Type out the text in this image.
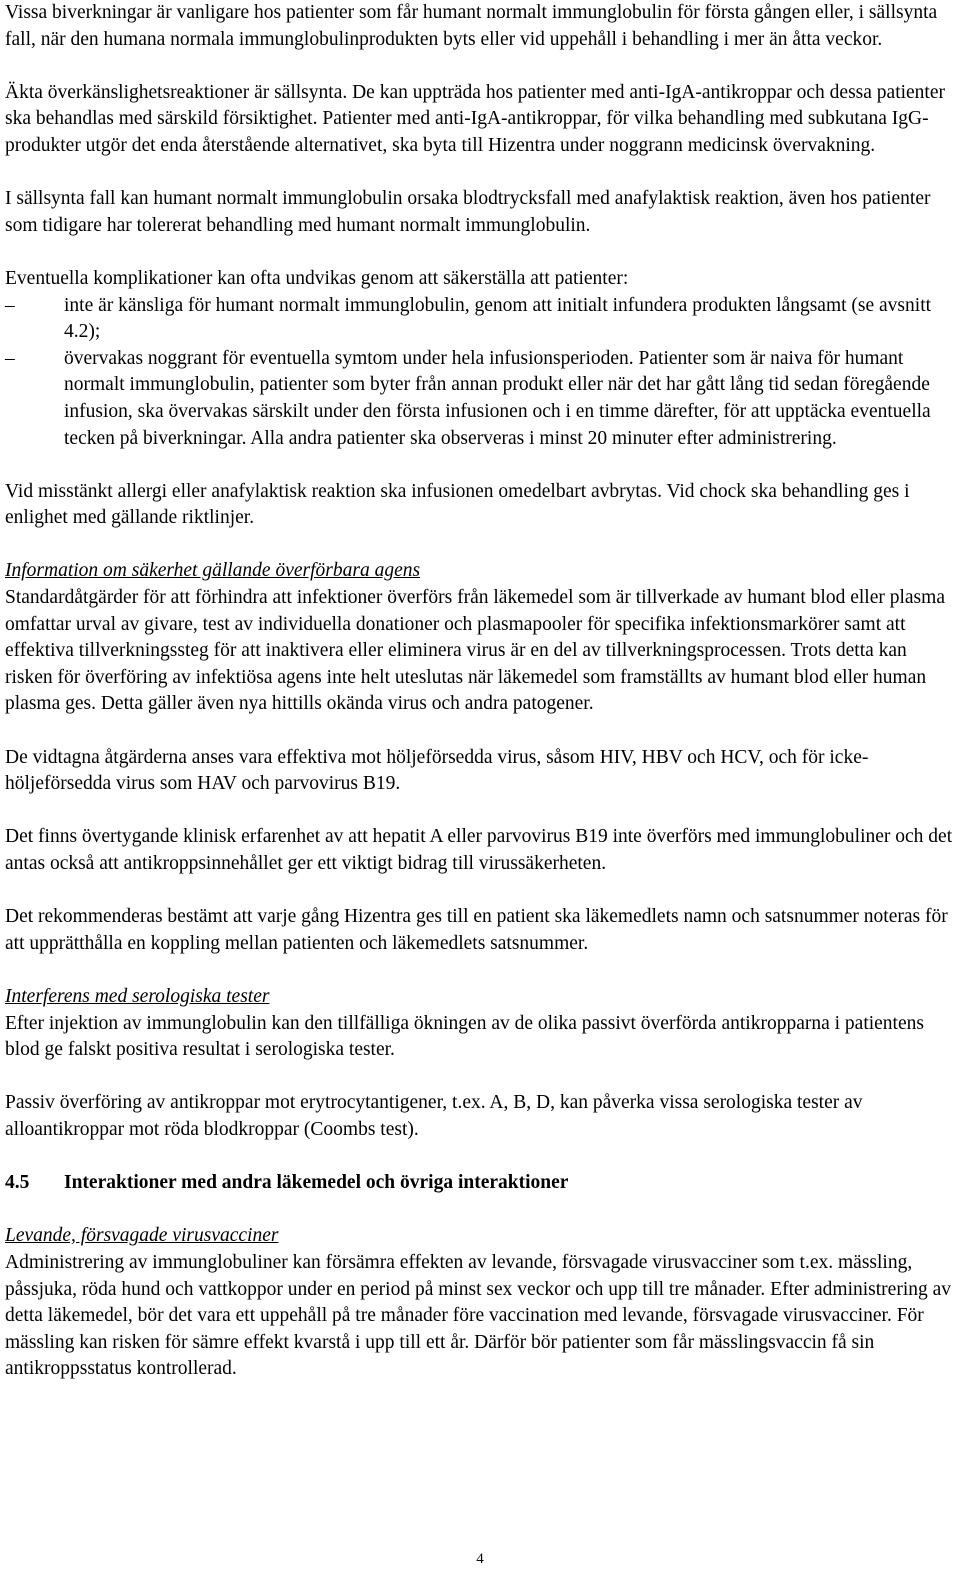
Vissa biverkningar är vanligare hos patienter som får humant normalt immunglobulin för första gången eller, i sällsynta fall, när den humana normala immunglobulinprodukten byts eller vid uppehåll i behandling i mer än åtta veckor.

Äkta överkänslighetsreaktioner är sällsynta. De kan uppträda hos patienter med anti-IgA-antikroppar och dessa patienter ska behandlas med särskild försiktighet. Patienter med anti-IgA-antikroppar, för vilka behandling med subkutana IgG-produkter utgör det enda återstående alternativet, ska byta till Hizentra under noggrann medicinsk övervakning.

I sällsynta fall kan humant normalt immunglobulin orsaka blodtrycksfall med anafylaktisk reaktion, även hos patienter som tidigare har tolererat behandling med humant normalt immunglobulin.

Eventuella komplikationer kan ofta undvikas genom att säkerställa att patienter:

–	inte är känsliga för humant normalt immunglobulin, genom att initialt infundera produkten långsamt (se avsnitt 4.2);
–	övervakas noggrant för eventuella symtom under hela infusionsperioden. Patienter som är naiva för humant normalt immunglobulin, patienter som byter från annan produkt eller när det har gått lång tid sedan föregående infusion, ska övervakas särskilt under den första infusionen och i en timme därefter, för att upptäcka eventuella tecken på biverkningar. Alla andra patienter ska observeras i minst 20 minuter efter administrering.

Vid misstänkt allergi eller anafylaktisk reaktion ska infusionen omedelbart avbrytas. Vid chock ska behandling ges i enlighet med gällande riktlinjer.

Information om säkerhet gällande överförbara agens

Standardåtgärder för att förhindra att infektioner överförs från läkemedel som är tillverkade av humant blod eller plasma omfattar urval av givare, test av individuella donationer och plasmapooler för specifika infektionsmarkörer samt att effektiva tillverkningssteg för att inaktivera eller eliminera virus är en del av tillverkningsprocessen. Trots detta kan risken för överföring av infektiösa agens inte helt uteslutas när läkemedel som framställts av humant blod eller human plasma ges. Detta gäller även nya hittills okända virus och andra patogener.

De vidtagna åtgärderna anses vara effektiva mot höljeförsedda virus, såsom HIV, HBV och HCV, och för icke-höljeförsedda virus som HAV och parvovirus B19.

Det finns övertygande klinisk erfarenhet av att hepatit A eller parvovirus B19 inte överförs med immunglobuliner och det antas också att antikroppsinnehållet ger ett viktigt bidrag till virussäkerheten.

Det rekommenderas bestämt att varje gång Hizentra ges till en patient ska läkemedlets namn och satsnummer noteras för att upprätthålla en koppling mellan patienten och läkemedlets satsnummer.

Interferens med serologiska tester

Efter injektion av immunglobulin kan den tillfälliga ökningen av de olika passivt överförda antikropparna i patientens blod ge falskt positiva resultat i serologiska tester.

Passiv överföring av antikroppar mot erytrocytantigener, t.ex. A, B, D, kan påverka vissa serologiska tester av alloantikroppar mot röda blodkroppar (Coombs test).

4.5 Interaktioner med andra läkemedel och övriga interaktioner

Levande, försvagade virusvacciner

Administrering av immunglobuliner kan försämra effekten av levande, försvagade virusvacciner som t.ex. mässling, påssjuka, röda hund och vattkoppor under en period på minst sex veckor och upp till tre månader. Efter administrering av detta läkemedel, bör det vara ett uppehåll på tre månader före vaccination med levande, försvagade virusvacciner. För mässling kan risken för sämre effekt kvarstå i upp till ett år. Därför bör patienter som får mässlingsvaccin få sin antikroppsstatus kontrollerad.

4
